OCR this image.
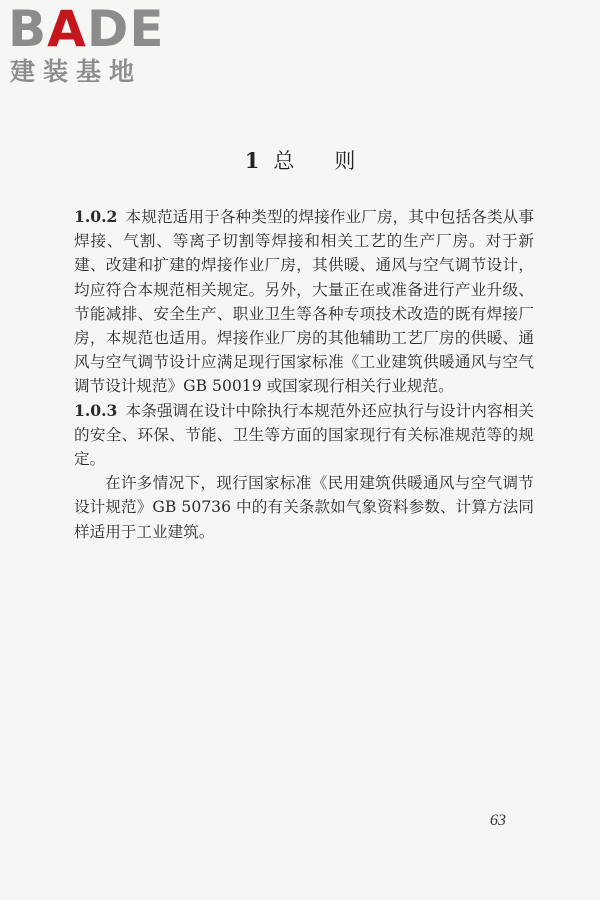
BADE
建装基地
1 总 则

1.0.2 本规范适用于各种类型的焊接作业厂房，其中包括各类从事焊接、气割、等离子切割等焊接和相关工艺的生产厂房。对于新建、改建和扩建的焊接作业厂房，其供暖、通风与空气调节设计，均应符合本规范相关规定。另外，大量正在或准备进行产业升级、节能减排、安全生产、职业卫生等各种专项技术改造的既有焊接厂房，本规范也适用。焊接作业厂房的其他辅助工艺厂房的供暖、通风与空气调节设计应满足现行国家标准《工业建筑供暖通风与空气调节设计规范》GB 50019 或国家现行相关行业规范。

1.0.3 本条强调在设计中除执行本规范外还应执行与设计内容相关的安全、环保、节能、卫生等方面的国家现行有关标准规范等的规定。

在许多情况下，现行国家标准《民用建筑供暖通风与空气调节设计规范》GB 50736 中的有关条款如气象资料参数、计算方法同样适用于工业建筑。

63
